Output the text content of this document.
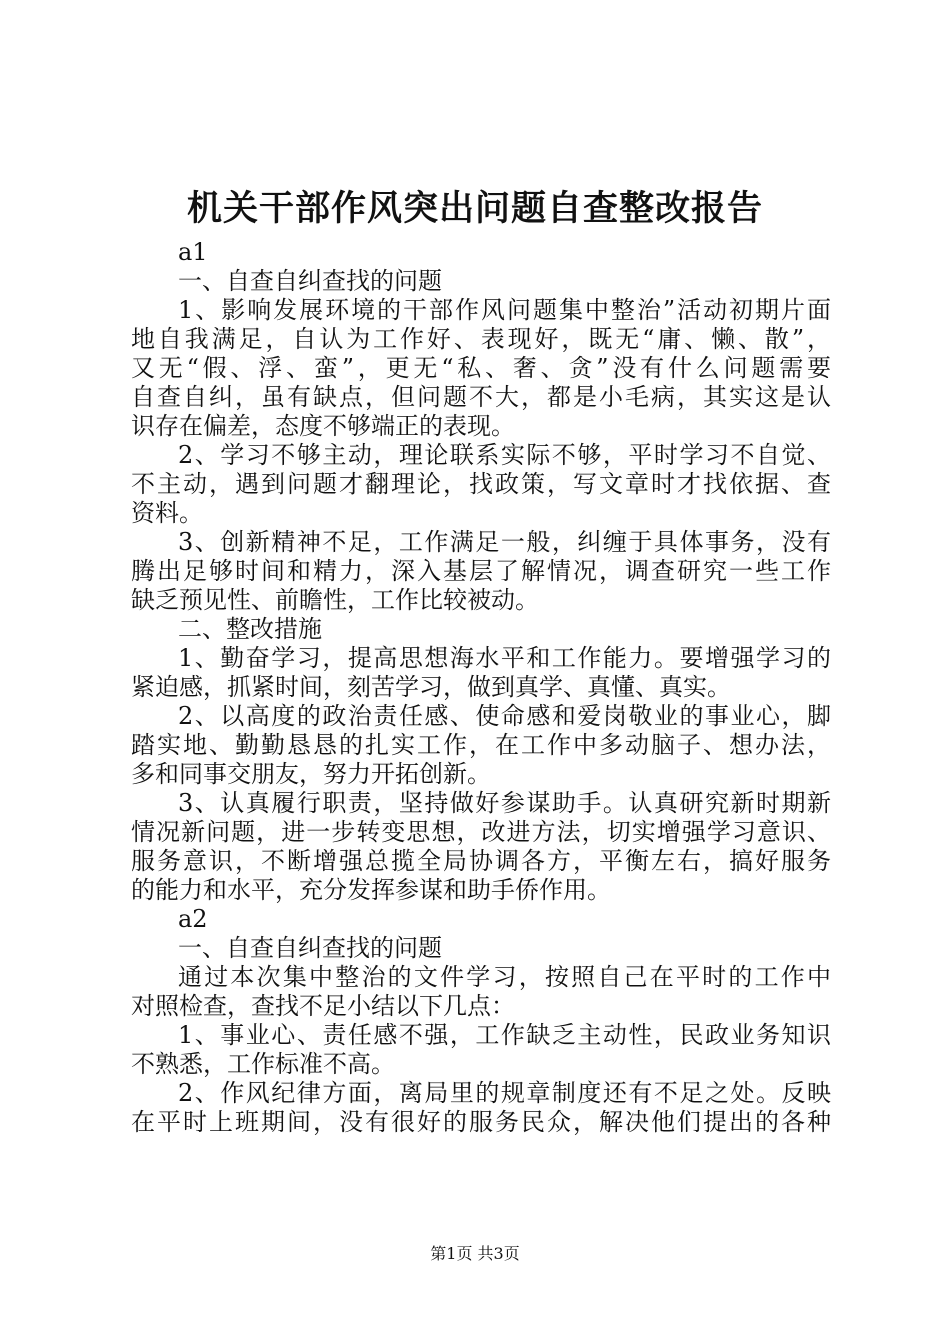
机关干部作风突出问题自查整改报告
a1
一、自查自纠查找的问题
1、影响发展环境的干部作风问题集中整治”活动初期片面
地自我满足，自认为工作好、表现好，既无“庸、懒、散”，
又无“假、浮、蛮”，更无“私、奢、贪”没有什么问题需要
自查自纠，虽有缺点，但问题不大，都是小毛病，其实这是认
识存在偏差，态度不够端正的表现。
2、学习不够主动，理论联系实际不够，平时学习不自觉、
不主动，遇到问题才翻理论，找政策，写文章时才找依据、查
资料。
3、创新精神不足，工作满足一般，纠缠于具体事务，没有
腾出足够时间和精力，深入基层了解情况，调查研究一些工作
缺乏预见性、前瞻性，工作比较被动。
二、整改措施
1、勤奋学习，提高思想海水平和工作能力。要增强学习的
紧迫感，抓紧时间，刻苦学习，做到真学、真懂、真实。
2、以高度的政治责任感、使命感和爱岗敬业的事业心，脚
踏实地、勤勤恳恳的扎实工作，在工作中多动脑子、想办法，
多和同事交朋友，努力开拓创新。
3、认真履行职责，坚持做好参谋助手。认真研究新时期新
情况新问题，进一步转变思想，改进方法，切实增强学习意识、
服务意识，不断增强总揽全局协调各方，平衡左右，搞好服务
的能力和水平，充分发挥参谋和助手侨作用。
a2
一、自查自纠查找的问题
通过本次集中整治的文件学习，按照自己在平时的工作中
对照检查，查找不足小结以下几点：
1、事业心、责任感不强，工作缺乏主动性，民政业务知识
不熟悉，工作标准不高。
2、作风纪律方面，离局里的规章制度还有不足之处。反映
在平时上班期间，没有很好的服务民众，解决他们提出的各种
第1页 共3页
